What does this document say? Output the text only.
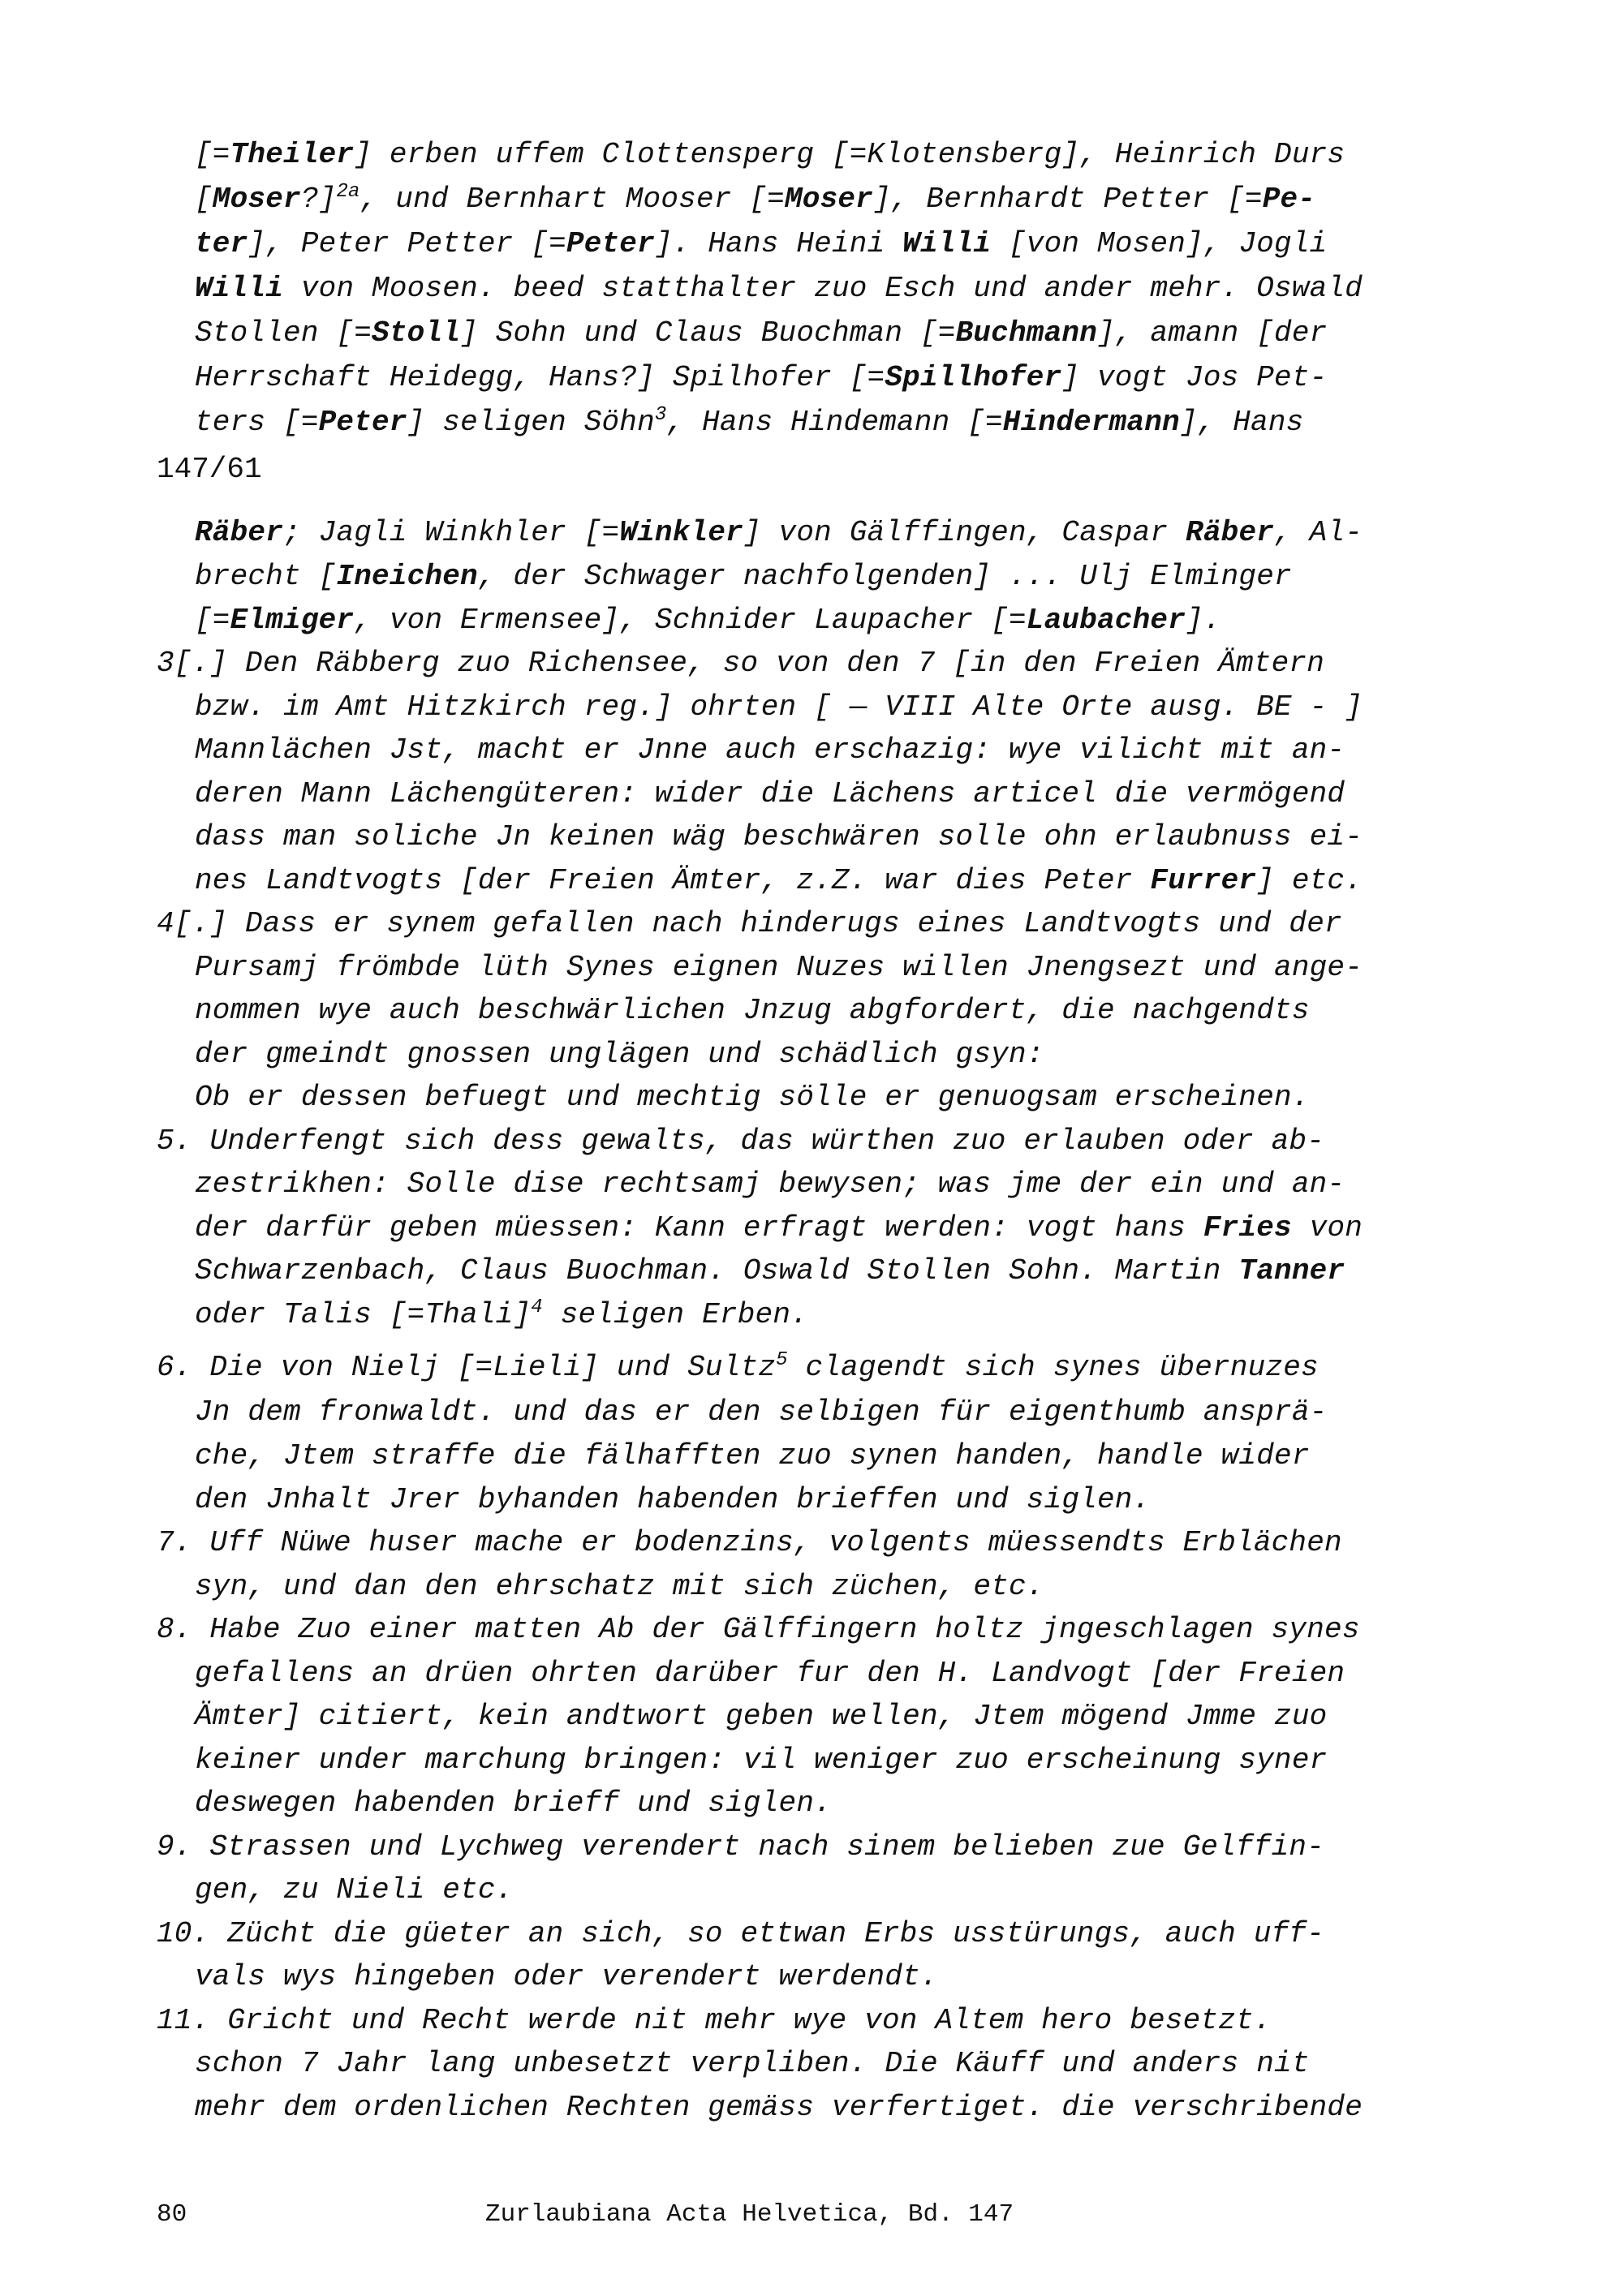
[=Theiler] erben uffem Clottensperg [=Klotensberg], Heinrich Durs
[Moser?]$^{2a}$, und Bernhart Mooser [=Moser], Bernhardt Petter [=Pe-
ter], Peter Petter [=Peter]. Hans Heini Willi [von Mosen], Jogli
Willi von Moosen. beed statthalter zuo Esch und ander mehr. Oswald
Stollen [=Stoll] Sohn und Claus Buochman [=Buchmann], amann [der
Herrschaft Heidegg, Hans?] Spilhofer [=Spillhofer] vogt Jos Pet-
ters [=Peter] seligen Söhn$^3$, Hans Hindemann [=Hindermann], Hans
147/61
Räber; Jagli Winkhler [=Winkler] von Gälffingen, Caspar Räber, Al-
brecht [Ineichen, der Schwager nachfolgenden] ... Ulj Elminger
[=Elmiger, von Ermensee], Schnider Laupacher [=Laubacher].
3[.] Den Räbberg zuo Richensee, so von den 7 [in den Freien Ämtern
bzw. im Amt Hitzkirch reg.] ohrten [ — VIII Alte Orte ausg. BE - ]
Mannlächen Jst, macht er Jnne auch erschazig: wye vilicht mit an-
deren Mann Lächengüteren: wider die Lächens articel die vermögend
dass man soliche Jn keinen wäg beschwären solle ohn erlaubnuss ei-
nes Landtvogts [der Freien Ämter, z.Z. war dies Peter Furrer] etc.
4[.] Dass er synem gefallen nach hinderugs eines Landtvogts und der
Pursamj frömbde lüth Synes eignen Nuzes willen Jnengsezt und ange-
nommen wye auch beschwärlichen Jnzug abgfordert, die nachgendts
der gmeindt gnossen unglägen und schädlich gsyn:
Ob er dessen befuegt und mechtig sölle er genuogsam erscheinen.
5. Underfengt sich dess gewalts, das würthen zuo erlauben oder ab-
zestrikhen: Solle dise rechtsamj bewysen; was jme der ein und an-
der darfür geben müessen: Kann erfragt werden: vogt hans Fries von
Schwarzenbach, Claus Buochman. Oswald Stollen Sohn. Martin Tanner
oder Talis [=Thali]$^4$ seligen Erben.
6. Die von Nielj [=Lieli] und Sultz$^5$ clagendt sich synes übernuzes
Jn dem fronwaldt. und das er den selbigen für eigenthumb ansprä-
che, Jtem straffe die fälhafften zuo synen handen, handle wider
den Jnhalt Jrer byhanden habenden brieffen und siglen.
7. Uff Nüwe huser mache er bodenzins, volgents müessendts Erblächen
syn, und dan den ehrschatz mit sich züchen, etc.
8. Habe Zuo einer matten Ab der Gälffingern holtz jngeschlagen synes
gefallens an drüen ohrten darüber fur den H. Landvogt [der Freien
Ämter] citiert, kein andtwort geben wellen, Jtem mögend Jmme zuo
keiner under marchung bringen: vil weniger zuo erscheinung syner
deswegen habenden brieff und siglen.
9. Strassen und Lychweg verendert nach sinem belieben zue Gelffin-
gen, zu Nieli etc.
10. Zücht die güeter an sich, so ettwan Erbs usstürungs, auch uff-
vals wys hingeben oder verendert werdendt.
11. Gricht und Recht werde nit mehr wye von Altem hero besetzt.
schon 7 Jahr lang unbesetzt verpliben. Die Käuff und anders nit
mehr dem ordenlichen Rechten gemäss verfertiget. die verschribende
80	Zurlaubiana Acta Helvetica, Bd. 147
